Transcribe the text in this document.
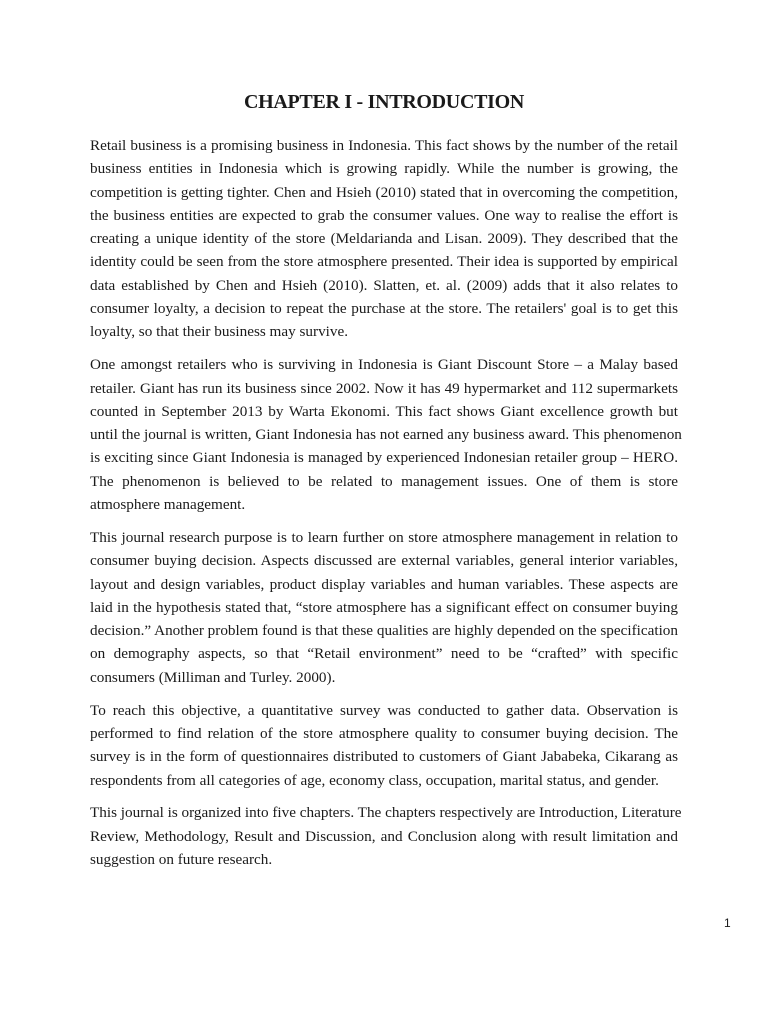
CHAPTER I - INTRODUCTION

Retail business is a promising business in Indonesia. This fact shows by the number of the retail
business entities in Indonesia which is growing rapidly. While the number is growing, the
competition is getting tighter. Chen and Hsieh (2010) stated that in overcoming the competition,
the business entities are expected to grab the consumer values. One way to realise the effort is
creating a unique identity of the store (Meldarianda and Lisan. 2009). They described that the
identity could be seen from the store atmosphere presented. Their idea is supported by empirical
data established by Chen and Hsieh (2010). Slatten, et. al. (2009) adds that it also relates to
consumer loyalty, a decision to repeat the purchase at the store. The retailers' goal is to get this
loyalty, so that their business may survive.

One amongst retailers who is surviving in Indonesia is Giant Discount Store – a Malay based
retailer. Giant has run its business since 2002. Now it has 49 hypermarket and 112 supermarkets
counted in September 2013 by Warta Ekonomi. This fact shows Giant excellence growth but
until the journal is written, Giant Indonesia has not earned any business award. This phenomenon
is exciting since Giant Indonesia is managed by experienced Indonesian retailer group – HERO.
The phenomenon is believed to be related to management issues. One of them is store
atmosphere management.

This journal research purpose is to learn further on store atmosphere management in relation to
consumer buying decision. Aspects discussed are external variables, general interior variables,
layout and design variables, product display variables and human variables. These aspects are
laid in the hypothesis stated that, “store atmosphere has a significant effect on consumer buying
decision.” Another problem found is that these qualities are highly depended on the specification
on demography aspects, so that “Retail environment” need to be “crafted” with specific
consumers (Milliman and Turley. 2000).

To reach this objective, a quantitative survey was conducted to gather data. Observation is
performed to find relation of the store atmosphere quality to consumer buying decision. The
survey is in the form of questionnaires distributed to customers of Giant Jababeka, Cikarang as
respondents from all categories of age, economy class, occupation, marital status, and gender.

This journal is organized into five chapters. The chapters respectively are Introduction, Literature
Review, Methodology, Result and Discussion, and Conclusion along with result limitation and
suggestion on future research.

1
